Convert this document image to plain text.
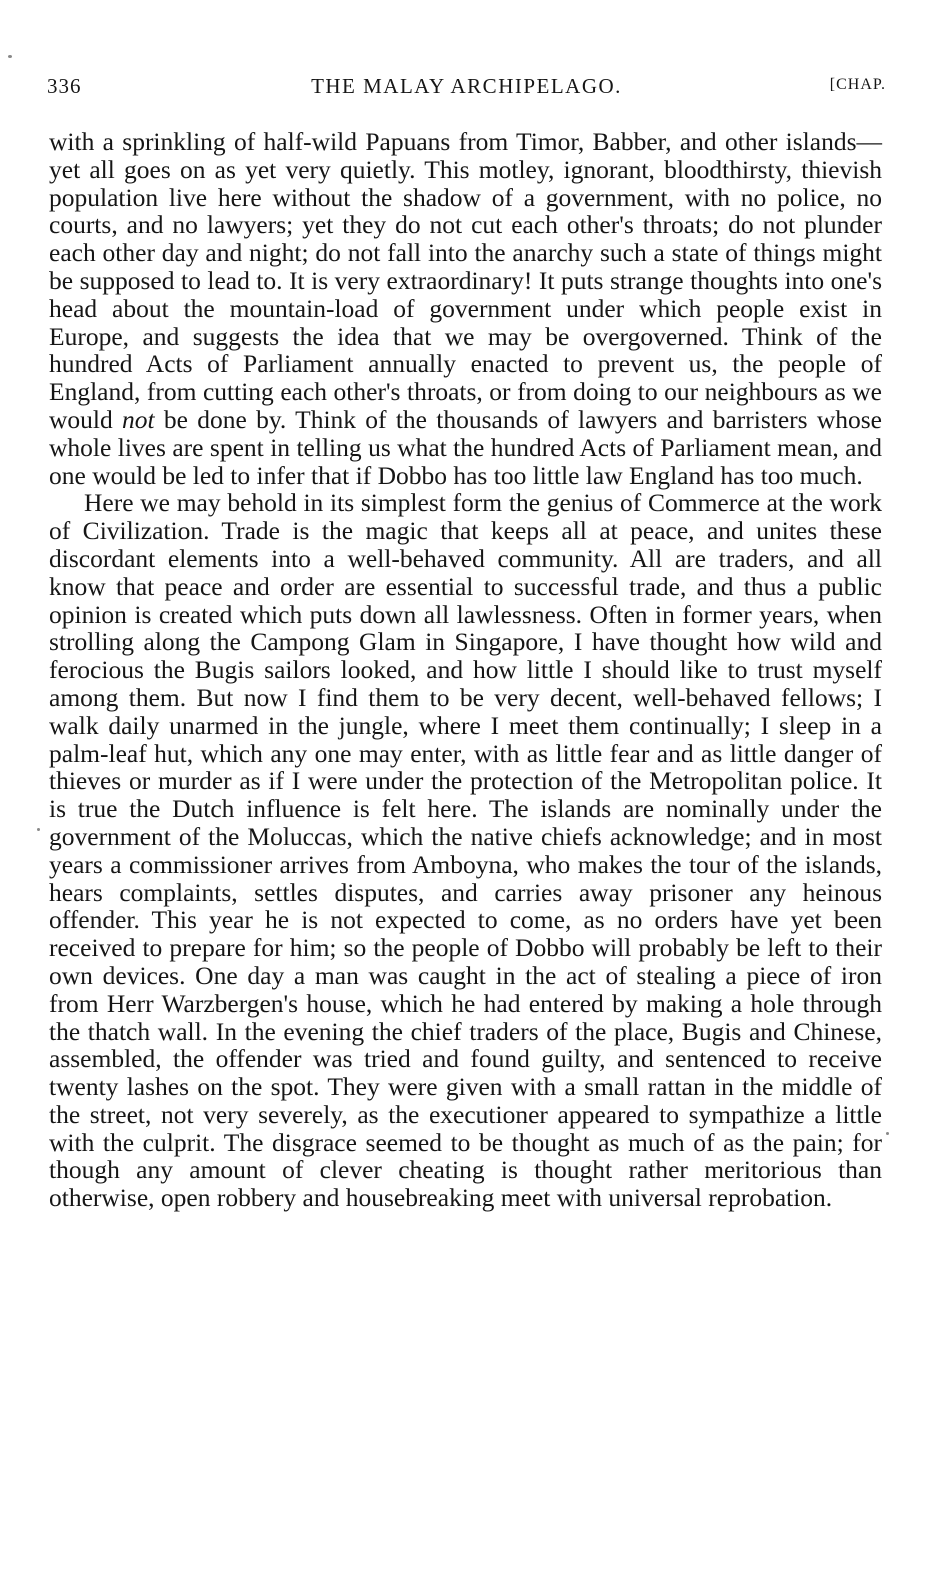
336	THE MALAY ARCHIPELAGO.	[CHAP.

with a sprinkling of half-wild Papuans from Timor, Babber, and other islands—yet all goes on as yet very quietly. This motley, ignorant, bloodthirsty, thievish population live here without the shadow of a government, with no police, no courts, and no lawyers; yet they do not cut each other's throats; do not plunder each other day and night; do not fall into the anarchy such a state of things might be supposed to lead to. It is very extraordinary! It puts strange thoughts into one's head about the mountain-load of government under which people exist in Europe, and suggests the idea that we may be overgoverned. Think of the hundred Acts of Parliament annually enacted to prevent us, the people of England, from cutting each other's throats, or from doing to our neighbours as we would not be done by. Think of the thousands of lawyers and barristers whose whole lives are spent in telling us what the hundred Acts of Parliament mean, and one would be led to infer that if Dobbo has too little law England has too much.

Here we may behold in its simplest form the genius of Commerce at the work of Civilization. Trade is the magic that keeps all at peace, and unites these discordant elements into a well-behaved community. All are traders, and all know that peace and order are essential to successful trade, and thus a public opinion is created which puts down all lawlessness. Often in former years, when strolling along the Campong Glam in Singapore, I have thought how wild and ferocious the Bugis sailors looked, and how little I should like to trust myself among them. But now I find them to be very decent, well-behaved fellows; I walk daily unarmed in the jungle, where I meet them continually; I sleep in a palm-leaf hut, which any one may enter, with as little fear and as little danger of thieves or murder as if I were under the protection of the Metropolitan police. It is true the Dutch influence is felt here. The islands are nominally under the government of the Moluccas, which the native chiefs acknowledge; and in most years a commissioner arrives from Amboyna, who makes the tour of the islands, hears complaints, settles disputes, and carries away prisoner any heinous offender. This year he is not expected to come, as no orders have yet been received to prepare for him; so the people of Dobbo will probably be left to their own devices. One day a man was caught in the act of stealing a piece of iron from Herr Warzbergen's house, which he had entered by making a hole through the thatch wall. In the evening the chief traders of the place, Bugis and Chinese, assembled, the offender was tried and found guilty, and sentenced to receive twenty lashes on the spot. They were given with a small rattan in the middle of the street, not very severely, as the executioner appeared to sympathize a little with the culprit. The disgrace seemed to be thought as much of as the pain; for though any amount of clever cheating is thought rather meritorious than otherwise, open robbery and housebreaking meet with universal reprobation.
